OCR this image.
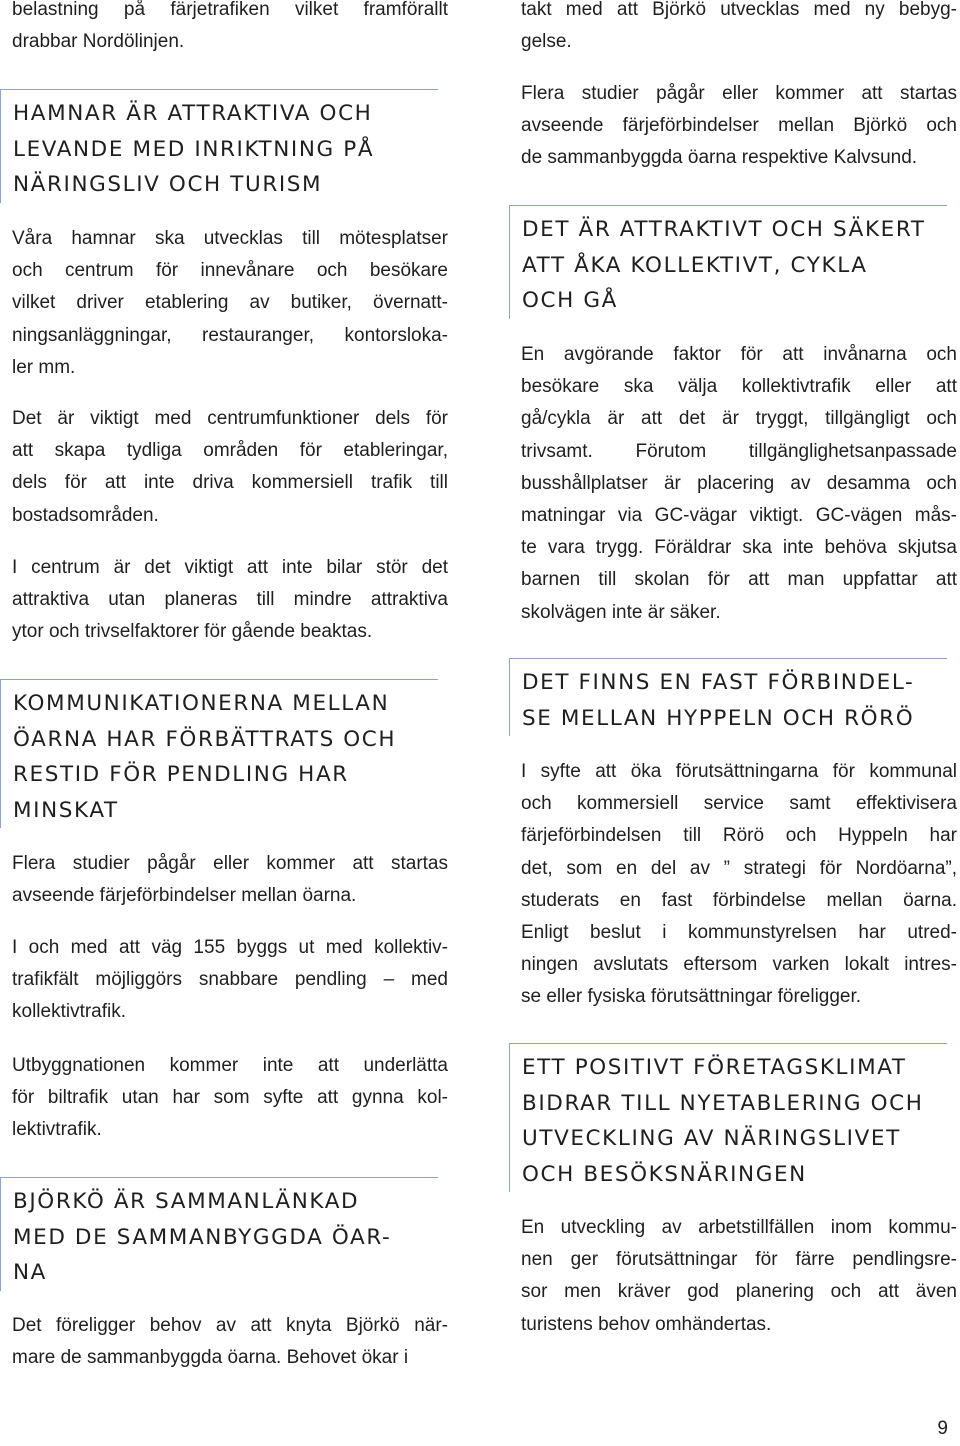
belastning på färjetrafiken vilket framförallt
drabbar Nordölinjen.

HAMNAR ÄR ATTRAKTIVA OCH
LEVANDE MED INRIKTNING PÅ
NÄRINGSLIV OCH TURISM

Våra hamnar ska utvecklas till mötesplatser
och centrum för innevånare och besökare
vilket driver etablering av butiker, övernatt-
ningsanläggningar, restauranger, kontorsloka-
ler mm.

Det är viktigt med centrumfunktioner dels för
att skapa tydliga områden för etableringar,
dels för att inte driva kommersiell trafik till
bostadsområden.

I centrum är det viktigt att inte bilar stör det
attraktiva utan planeras till mindre attraktiva
ytor och trivselfaktorer för gående beaktas.

KOMMUNIKATIONERNA MELLAN
ÖARNA HAR FÖRBÄTTRATS OCH
RESTID FÖR PENDLING HAR
MINSKAT

Flera studier pågår eller kommer att startas
avseende färjeförbindelser mellan öarna.

I och med att väg 155 byggs ut med kollektiv-
trafikfält möjliggörs snabbare pendling – med
kollektivtrafik.

Utbyggnationen kommer inte att underlätta
för biltrafik utan har som syfte att gynna kol-
lektivtrafik.

BJÖRKÖ ÄR SAMMANLÄNKAD
MED DE SAMMANBYGGDA ÖAR-
NA

Det föreligger behov av att knyta Björkö när-
mare de sammanbyggda öarna. Behovet ökar i

takt med att Björkö utvecklas med ny bebyg-
gelse.

Flera studier pågår eller kommer att startas
avseende färjeförbindelser mellan Björkö och
de sammanbyggda öarna respektive Kalvsund.

DET ÄR ATTRAKTIVT OCH SÄKERT
ATT ÅKA KOLLEKTIVT, CYKLA
OCH GÅ

En avgörande faktor för att invånarna och
besökare ska välja kollektivtrafik eller att
gå/cykla är att det är tryggt, tillgängligt och
trivsamt. Förutom tillgänglighetsanpassade
busshållplatser är placering av desamma och
matningar via GC-vägar viktigt. GC-vägen mås-
te vara trygg. Föräldrar ska inte behöva skjutsa
barnen till skolan för att man uppfattar att
skolvägen inte är säker.

DET FINNS EN FAST FÖRBINDEL-
SE MELLAN HYPPELN OCH RÖRÖ

I syfte att öka förutsättningarna för kommunal
och kommersiell service samt effektivisera
färjeförbindelsen till Rörö och Hyppeln har
det, som en del av ” strategi för Nordöarna”,
studerats en fast förbindelse mellan öarna.
Enligt beslut i kommunstyrelsen har utred-
ningen avslutats eftersom varken lokalt intres-
se eller fysiska förutsättningar föreligger.

ETT POSITIVT FÖRETAGSKLIMAT
BIDRAR TILL NYETABLERING OCH
UTVECKLING AV NÄRINGSLIVET
OCH BESÖKSNÄRINGEN

En utveckling av arbetstillfällen inom kommu-
nen ger förutsättningar för färre pendlingsre-
sor men kräver god planering och att även
turistens behov omhändertas.

9
